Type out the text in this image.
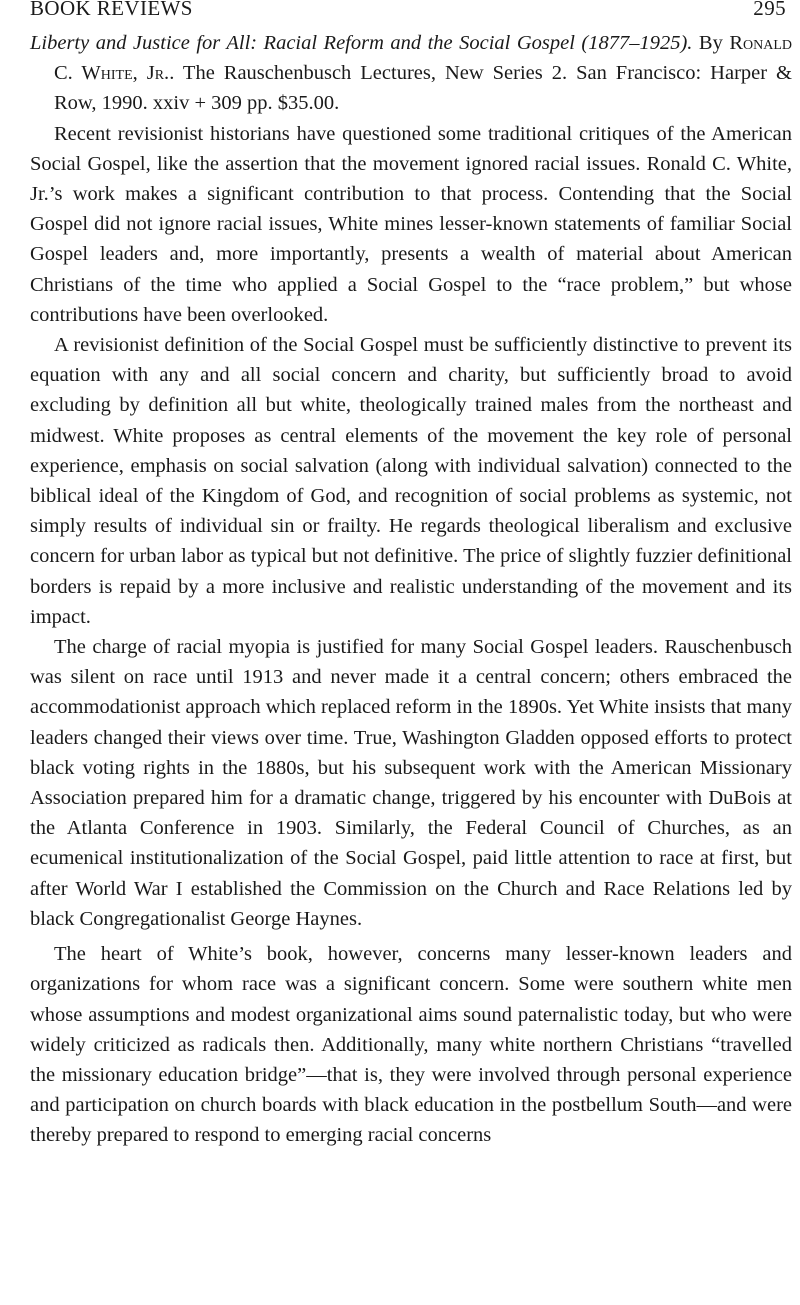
BOOK REVIEWS	295

Liberty and Justice for All: Racial Reform and the Social Gospel (1877–1925). By Ronald C. White, Jr.. The Rauschenbusch Lectures, New Series 2. San Francisco: Harper & Row, 1990. xxiv + 309 pp. $35.00.

Recent revisionist historians have questioned some traditional critiques of the American Social Gospel, like the assertion that the movement ignored racial issues. Ronald C. White, Jr.’s work makes a significant contribution to that process. Contending that the Social Gospel did not ignore racial issues, White mines lesser-known statements of familiar Social Gospel leaders and, more importantly, presents a wealth of material about American Christians of the time who applied a Social Gospel to the “race problem,” but whose contributions have been overlooked.

A revisionist definition of the Social Gospel must be sufficiently distinctive to prevent its equation with any and all social concern and charity, but sufficiently broad to avoid excluding by definition all but white, theologically trained males from the northeast and midwest. White proposes as central elements of the movement the key role of personal experience, emphasis on social salvation (along with individual salvation) connected to the biblical ideal of the Kingdom of God, and recognition of social problems as systemic, not simply results of individual sin or frailty. He regards theological liberalism and exclusive concern for urban labor as typical but not definitive. The price of slightly fuzzier definitional borders is repaid by a more inclusive and realistic understanding of the movement and its impact.

The charge of racial myopia is justified for many Social Gospel leaders. Rauschenbusch was silent on race until 1913 and never made it a central concern; others embraced the accommodationist approach which replaced reform in the 1890s. Yet White insists that many leaders changed their views over time. True, Washington Gladden opposed efforts to protect black voting rights in the 1880s, but his subsequent work with the American Missionary Association prepared him for a dramatic change, triggered by his encounter with DuBois at the Atlanta Conference in 1903. Similarly, the Federal Council of Churches, as an ecumenical institutionalization of the Social Gospel, paid little attention to race at first, but after World War I established the Commission on the Church and Race Relations led by black Congregationalist George Haynes.

The heart of White’s book, however, concerns many lesser-known leaders and organizations for whom race was a significant concern. Some were southern white men whose assumptions and modest organizational aims sound paternalistic today, but who were widely criticized as radicals then. Additionally, many white northern Christians “travelled the missionary education bridge”—that is, they were involved through personal experience and participation on church boards with black education in the postbellum South—and were thereby prepared to respond to emerging racial concerns
